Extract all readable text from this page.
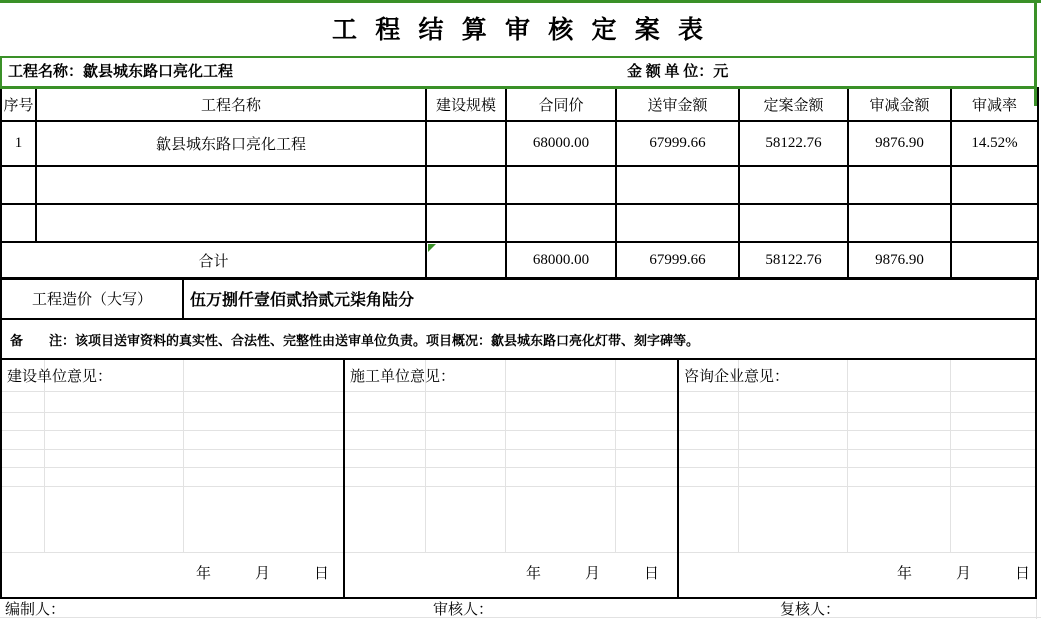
工 程 结 算 审 核 定 案 表
工程名称：歙县城东路口亮化工程	金 额 单 位：元
序号	工程名称	建设规模	合同价	送审金额	定案金额	审减金额	审减率
1	歙县城东路口亮化工程		68000.00	67999.66	58122.76	9876.90	14.52%

合计			68000.00	67999.66	58122.76	9876.90	
工程造价（大写）	伍万捌仟壹佰贰拾贰元柒角陆分
备　　注：该项目送审资料的真实性、合法性、完整性由送审单位负责。项目概况：歙县城东路口亮化灯带、刻字碑等。
建设单位意见：
年	月	日
施工单位意见：
年	月	日
咨询企业意见：
年	月	日
编制人：	审核人：	复核人：
